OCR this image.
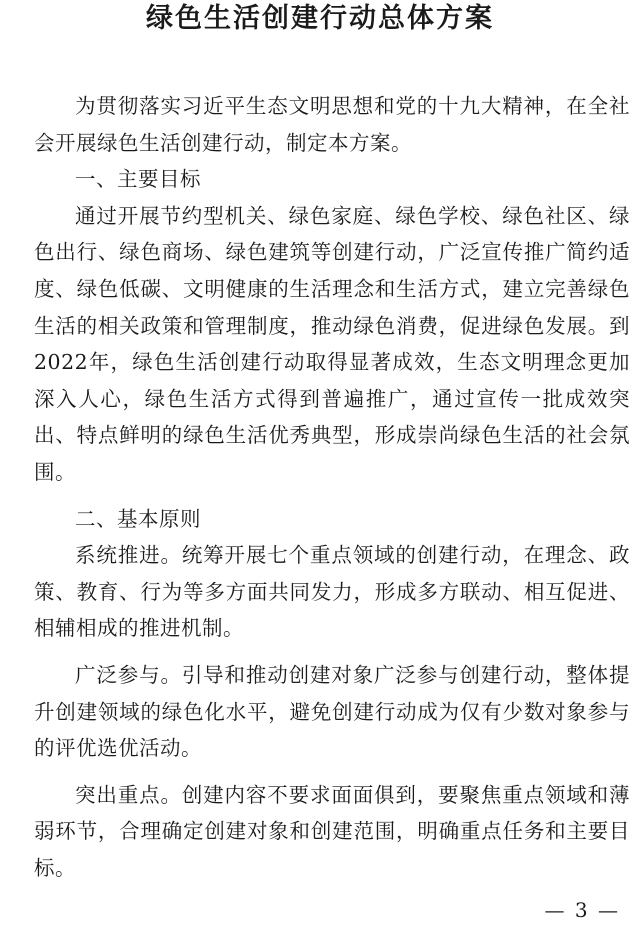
绿色生活创建行动总体方案

为贯彻落实习近平生态文明思想和党的十九大精神，在全社会开展绿色生活创建行动，制定本方案。

一、主要目标

通过开展节约型机关、绿色家庭、绿色学校、绿色社区、绿色出行、绿色商场、绿色建筑等创建行动，广泛宣传推广简约适度、绿色低碳、文明健康的生活理念和生活方式，建立完善绿色生活的相关政策和管理制度，推动绿色消费，促进绿色发展。到2022年，绿色生活创建行动取得显著成效，生态文明理念更加深入人心，绿色生活方式得到普遍推广，通过宣传一批成效突出、特点鲜明的绿色生活优秀典型，形成崇尚绿色生活的社会氛围。

二、基本原则

系统推进。统筹开展七个重点领域的创建行动，在理念、政策、教育、行为等多方面共同发力，形成多方联动、相互促进、相辅相成的推进机制。

广泛参与。引导和推动创建对象广泛参与创建行动，整体提升创建领域的绿色化水平，避免创建行动成为仅有少数对象参与的评优选优活动。

突出重点。创建内容不要求面面俱到，要聚焦重点领域和薄弱环节，合理确定创建对象和创建范围，明确重点任务和主要目标。

— 3 —
